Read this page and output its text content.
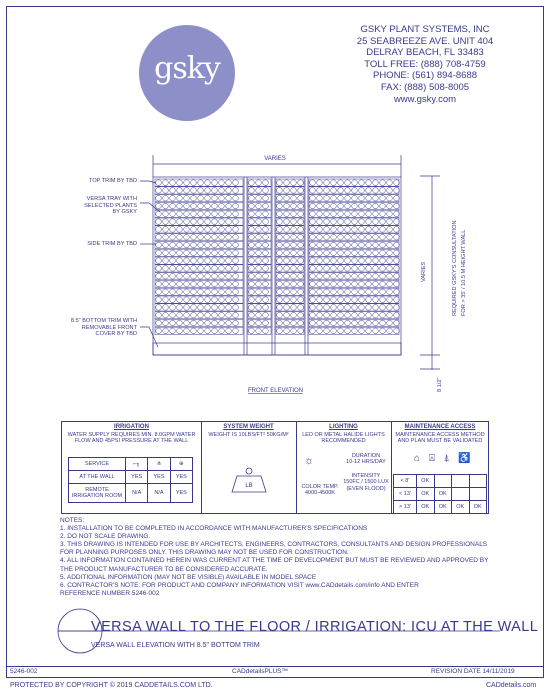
gsky
GSKY PLANT SYSTEMS, INC
25 SEABREEZE AVE. UNIT 404
DELRAY BEACH, FL 33483
TOLL FREE: (888) 708-4759
PHONE: (561) 894-8688
FAX: (888) 508-8005
www.gsky.com
VARIES
FRONT ELEVATION
TOP TRIM BY TBD
VERSA TRAY WITH
SELECTED PLANTS
BY GSKY
SIDE TRIM BY TBD
8.5" BOTTOM TRIM WITH
REMOVABLE FRONT
COVER BY TBD
VARIES
8 1/2"
REQUIRED GSKY'S CONSULTATION FOR > 35' / 10.5 M HEIGHT WALL
IRRIGATION
WATER SUPPLY REQUIRES MIN. 8.0GPM WATER
FLOW AND 45PSI PRESSURE AT THE WALL
SERVICE	⌐╖	⋔	⊕
AT THE WALL	YES	YES	YES
REMOTE IRRIGATION ROOM	N/A	N/A	YES
SYSTEM WEIGHT
WEIGHT IS 10LBS/FT² 50KG/M²
LB
LIGHTING
LED OR METAL HALIDE LIGHTS
RECOMMENDED
☼	DURATION
10-12 HRS/DAY
INTENSITY
150FC / 1500 LUX
(EVEN FLOOD)
COLOR TEMP.
4000-4500K
MAINTENANCE ACCESS
MAINTENANCE ACCESS METHOD
AND PLAN MUST BE VALIDATED
⌂ ⍓ ⍋ ♿
< 8'	OK			
< 13'	OK	OK		
> 13'	OK	OK	OK	OK
NOTES:
1. INSTALLATION TO BE COMPLETED IN ACCORDANCE WITH MANUFACTURER'S SPECIFICATIONS
2. DO NOT SCALE DRAWING.
3. THIS DRAWING IS INTENDED FOR USE BY ARCHITECTS, ENGINEERS, CONTRACTORS, CONSULTANTS AND DESIGN PROFESSIONALS
FOR PLANNING PURPOSES ONLY. THIS DRAWING MAY NOT BE USED FOR CONSTRUCTION.
4. ALL INFORMATION CONTAINED HEREIN WAS CURRENT AT THE TIME OF DEVELOPMENT BUT MUST BE REVIEWED AND APPROVED BY
THE PRODUCT MANUFACTURER TO BE CONSIDERED ACCURATE.
5. ADDITIONAL INFORMATION (MAY NOT BE VISIBLE) AVAILABLE IN MODEL SPACE
6. CONTRACTOR'S NOTE: FOR PRODUCT AND COMPANY INFORMATION VISIT www.CADdetails.com/info AND ENTER
REFERENCE NUMBER 5246-002
VERSA WALL TO THE FLOOR / IRRIGATION: ICU AT THE WALL
VERSA WALL ELEVATION WITH 8.5" BOTTOM TRIM
5246-002	CADdetailsPLUS™	REVISION DATE 14/11/2019
PROTECTED BY COPYRIGHT © 2019 CADDETAILS.COM LTD.	CADdetails.com
